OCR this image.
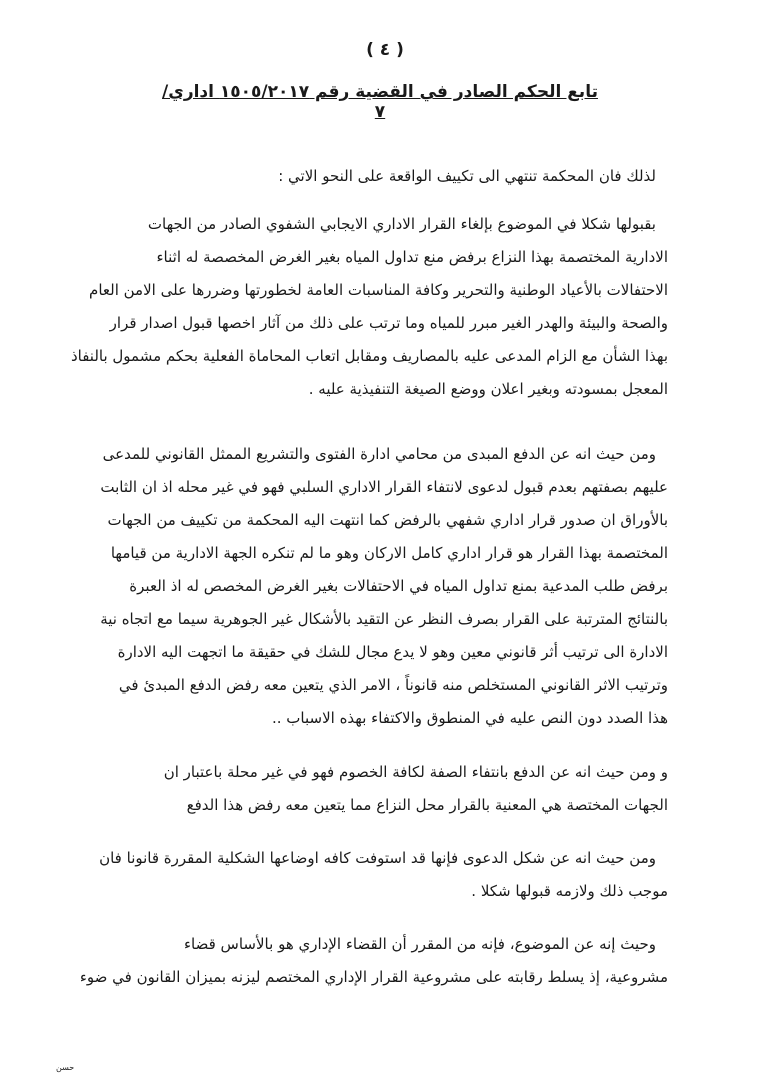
( ٤ )
تابع الحكم الصادر في القضية رقم ١٥٠٥/٢٠١٧ اداري/٧
لذلك فان المحكمة تنتهي الى تكييف الواقعة على النحو الاتي :
بقبولها شكلا في الموضوع بإلغاء القرار الاداري الايجابي الشفوي الصادر من الجهات
الادارية المختصمة بهذا النزاع برفض منع تداول المياه بغير الغرض المخصصة له اثناء
الاحتفالات بالأعياد الوطنية والتحرير وكافة المناسبات العامة لخطورتها وضررها على الامن العام
والصحة والبيئة والهدر الغير مبرر للمياه وما ترتب على ذلك من آثار اخصها قبول اصدار قرار
بهذا الشأن مع الزام المدعى عليه بالمصاريف ومقابل اتعاب المحاماة الفعلية بحكم مشمول بالنفاذ
المعجل بمسودته وبغير اعلان ووضع الصيغة التنفيذية عليه .
ومن حيث انه عن الدفع المبدى من محامي ادارة الفتوى والتشريع الممثل القانوني للمدعى
عليهم بصفتهم بعدم قبول لدعوى لانتفاء القرار الاداري السلبي فهو في غير محله اذ ان الثابت
بالأوراق ان صدور قرار اداري شفهي بالرفض كما انتهت اليه المحكمة من تكييف من الجهات
المختصمة بهذا القرار هو قرار اداري كامل الاركان وهو ما لم تنكره الجهة الادارية من قيامها
برفض طلب المدعية بمنع تداول المياه في الاحتفالات بغير الغرض المخصص له اذ العبرة
بالنتائج المترتبة على القرار بصرف النظر عن التقيد بالأشكال غير الجوهرية سيما مع اتجاه نية
الادارة الى ترتيب أثر قانوني معين وهو لا يدع مجال للشك في حقيقة ما اتجهت اليه الادارة
وترتيب الاثر القانوني المستخلص منه قانوناً ، الامر الذي يتعين معه رفض الدفع المبدئ في
هذا الصدد دون النص عليه في المنطوق والاكتفاء بهذه الاسباب ..
و ومن حيث انه عن الدفع بانتفاء الصفة لكافة الخصوم فهو في غير محلة باعتبار ان
الجهات المختصة هي المعنية بالقرار محل النزاع مما يتعين معه رفض هذا الدفع
ومن حيث انه عن شكل الدعوى فإنها قد استوفت كافه اوضاعها الشكلية المقررة قانونا فان
موجب ذلك ولازمه قبولها شكلا .
وحيث إنه عن الموضوع، فإنه من المقرر أن القضاء الإداري هو بالأساس قضاء
مشروعية، إذ يسلط رقابته على مشروعية القرار الإداري المختصم ليزنه بميزان القانون في ضوء
حسن
